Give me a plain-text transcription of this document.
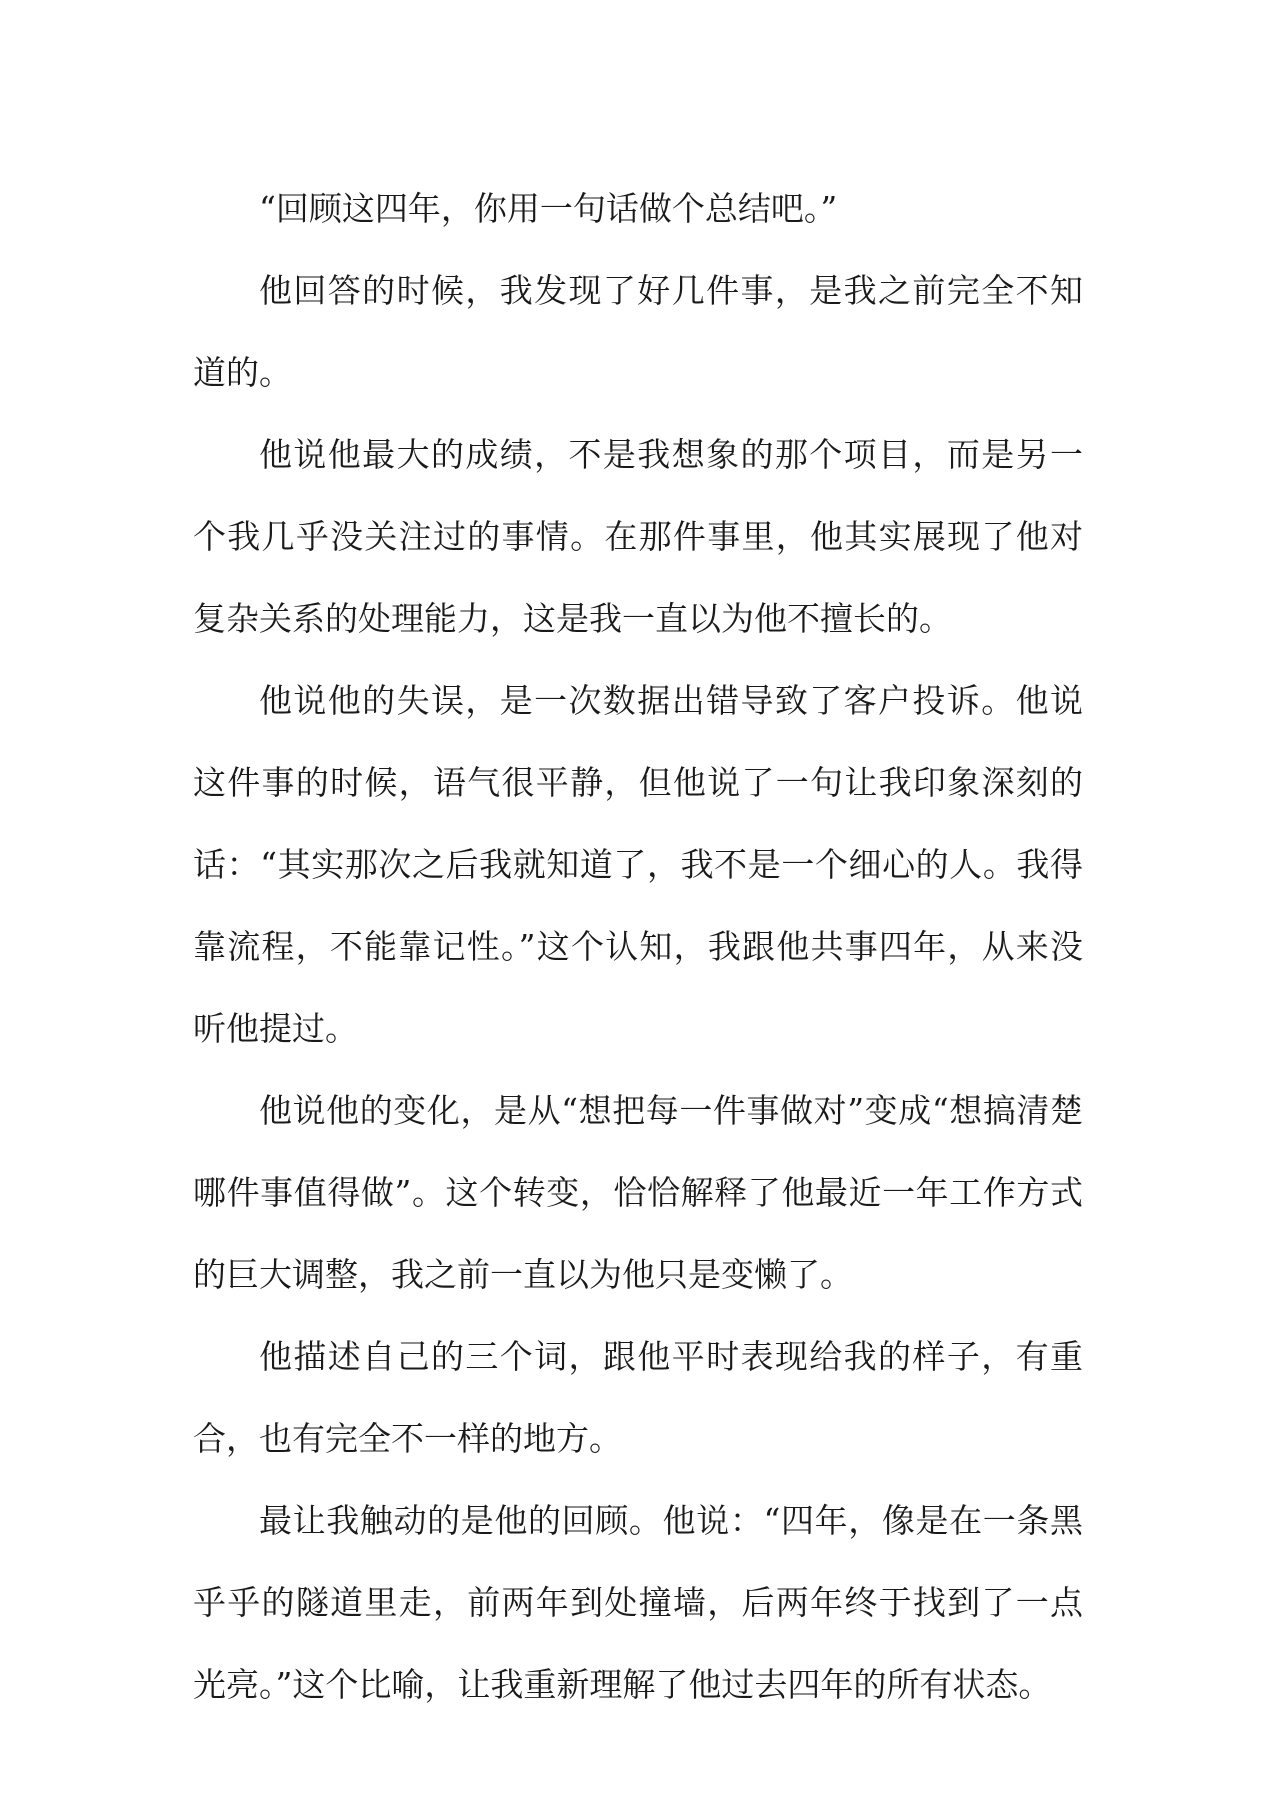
“回顾这四年，你用一句话做个总结吧。”

他回答的时候，我发现了好几件事，是我之前完全不知道的。

他说他最大的成绩，不是我想象的那个项目，而是另一个我几乎没关注过的事情。在那件事里，他其实展现了他对复杂关系的处理能力，这是我一直以为他不擅长的。

他说他的失误，是一次数据出错导致了客户投诉。他说这件事的时候，语气很平静，但他说了一句让我印象深刻的话：“其实那次之后我就知道了，我不是一个细心的人。我得靠流程，不能靠记性。”这个认知，我跟他共事四年，从来没听他提过。

他说他的变化，是从“想把每一件事做对”变成“想搞清楚哪件事值得做”。这个转变，恰恰解释了他最近一年工作方式的巨大调整，我之前一直以为他只是变懒了。

他描述自己的三个词，跟他平时表现给我的样子，有重合，也有完全不一样的地方。

最让我触动的是他的回顾。他说：“四年，像是在一条黑乎乎的隧道里走，前两年到处撞墙，后两年终于找到了一点光亮。”这个比喻，让我重新理解了他过去四年的所有状态。
